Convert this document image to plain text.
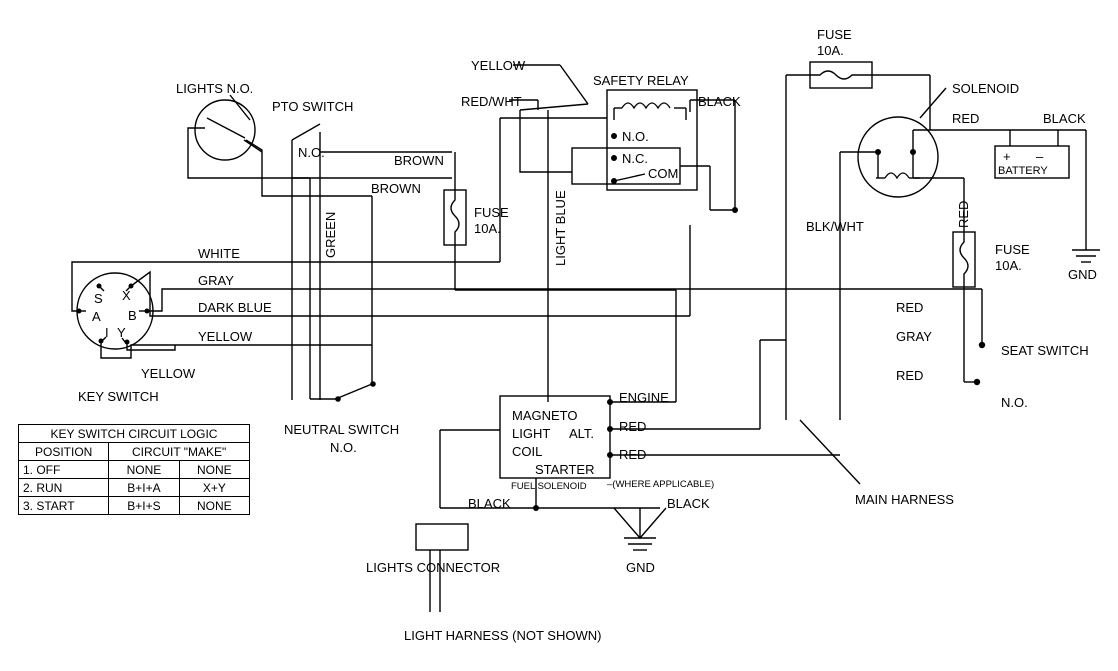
LIGHTS N.O.
PTO SWITCH
N.O.
BROWN
BROWN
GREEN	FUSE
10A.
YELLOW
RED/WHT
SAFETY RELAY
N.O.
N.C.
COM
BLACK
LIGHT BLUE
FUSE
10A.
SOLENOID
RED	BLACK
+ –
BATTERY
GND
BLK/WHT	RED
FUSE
10A.
WHITE
GRAY
DARK BLUE
YELLOW
RED
GRAY
RED
SEAT SWITCH
N.O.
S X
A B
I Y
YELLOW
KEY SWITCH
NEUTRAL SWITCH
N.O.
ENGINE
MAGNETO
LIGHT
COIL
ALT.
STARTER
RED
RED
FUEL SOLENOID –(WHERE APPLICABLE)
MAIN HARNESS
BLACK	BLACK
LIGHTS CONNECTOR	GND
LIGHT HARNESS (NOT SHOWN)
KEY SWITCH CIRCUIT LOGIC		
POSITION	CIRCUIT "MAKE"	
1. OFF	NONE	NONE
2. RUN	B+I+A	X+Y
3. START	B+I+S	NONE
